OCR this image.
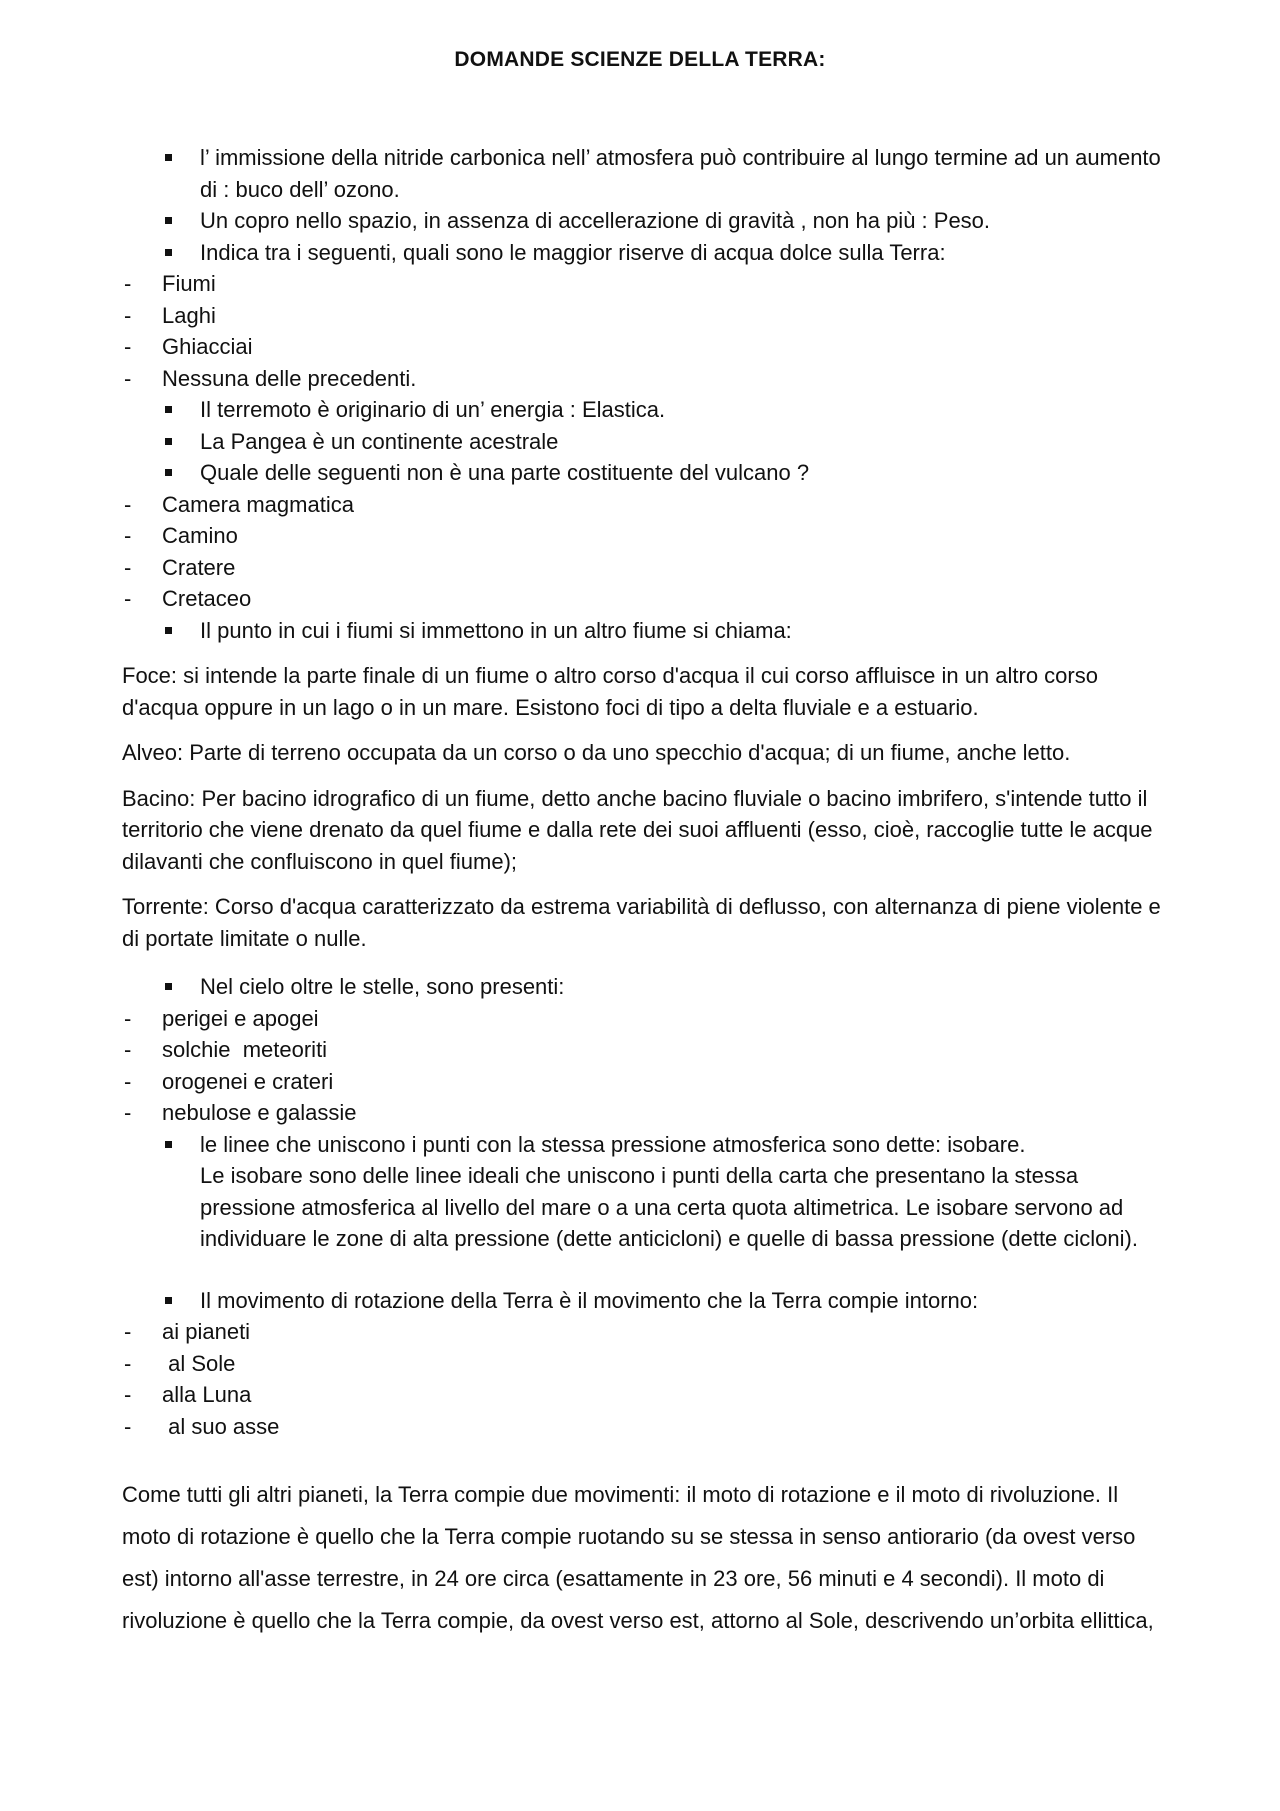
DOMANDE SCIENZE DELLA TERRA:
l’ immissione della nitride carbonica nell’ atmosfera può contribuire al lungo termine ad un aumento di : buco dell’ ozono.
Un copro nello spazio, in assenza di accellerazione di gravità , non ha più : Peso.
Indica tra i seguenti, quali sono le maggior riserve di acqua dolce sulla Terra:
- Fiumi
- Laghi
- Ghiacciai
- Nessuna delle precedenti.
Il terremoto è originario di un’ energia : Elastica.
La Pangea è un continente acestrale
Quale delle seguenti non è una parte costituente del vulcano ?
- Camera magmatica
- Camino
- Cratere
- Cretaceo
Il punto in cui i fiumi si immettono in un altro fiume si chiama:

Foce: si intende la parte finale di un fiume o altro corso d'acqua il cui corso affluisce in un altro corso d'acqua oppure in un lago o in un mare. Esistono foci di tipo a delta fluviale e a estuario.

Alveo: Parte di terreno occupata da un corso o da uno specchio d'acqua; di un fiume, anche letto.

Bacino: Per bacino idrografico di un fiume, detto anche bacino fluviale o bacino imbrifero, s'intende tutto il territorio che viene drenato da quel fiume e dalla rete dei suoi affluenti (esso, cioè, raccoglie tutte le acque dilavanti che confluiscono in quel fiume);

Torrente: Corso d'acqua caratterizzato da estrema variabilità di deflusso, con alternanza di piene violente e di portate limitate o nulle.

Nel cielo oltre le stelle, sono presenti:
- perigei e apogei
- solchie  meteoriti
- orogenei e crateri
- nebulose e galassie
le linee che uniscono i punti con la stessa pressione atmosferica sono dette: isobare.
Le isobare sono delle linee ideali che uniscono i punti della carta che presentano la stessa pressione atmosferica al livello del mare o a una certa quota altimetrica. Le isobare servono ad individuare le zone di alta pressione (dette anticicloni) e quelle di bassa pressione (dette cicloni).
Il movimento di rotazione della Terra è il movimento che la Terra compie intorno:
- ai pianeti
- al Sole
- alla Luna
- al suo asse

Come tutti gli altri pianeti, la Terra compie due movimenti: il moto di rotazione e il moto di rivoluzione. Il moto di rotazione è quello che la Terra compie ruotando su se stessa in senso antiorario (da ovest verso est) intorno all'asse terrestre, in 24 ore circa (esattamente in 23 ore, 56 minuti e 4 secondi). Il moto di rivoluzione è quello che la Terra compie, da ovest verso est, attorno al Sole, descrivendo un’orbita ellittica,
